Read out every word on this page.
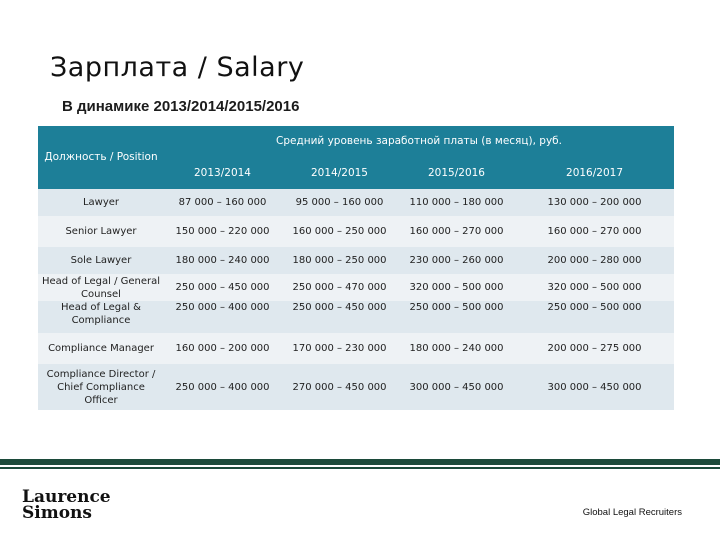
Зарплата / Salary
В динамике 2013/2014/2015/2016
Должность / Position	Средний уровень заработной платы (в месяц), руб.			
	2013/2014	2014/2015	2015/2016	2016/2017
Lawyer	87 000 – 160 000	95 000 – 160 000	110 000 – 180 000	130 000 – 200 000
Senior Lawyer	150 000 – 220 000	160 000 – 250 000	160 000 – 270 000	160 000 – 270 000
Sole Lawyer	180 000 – 240 000	180 000 – 250 000	230 000 – 260 000	200 000 – 280 000
Head of Legal / General Counsel	250 000 – 450 000	250 000 – 470 000	320 000 – 500 000	320 000 – 500 000
Head of Legal & Compliance	250 000 – 400 000	250 000 – 450 000	250 000 – 500 000	250 000 – 500 000
Compliance Manager	160 000 – 200 000	170 000 – 230 000	180 000 – 240 000	200 000 – 275 000
Compliance Director / Chief Compliance Officer	250 000 – 400 000	270 000 – 450 000	300 000 – 450 000	300 000 – 450 000
Laurence
Simons	Global Legal Recruiters
